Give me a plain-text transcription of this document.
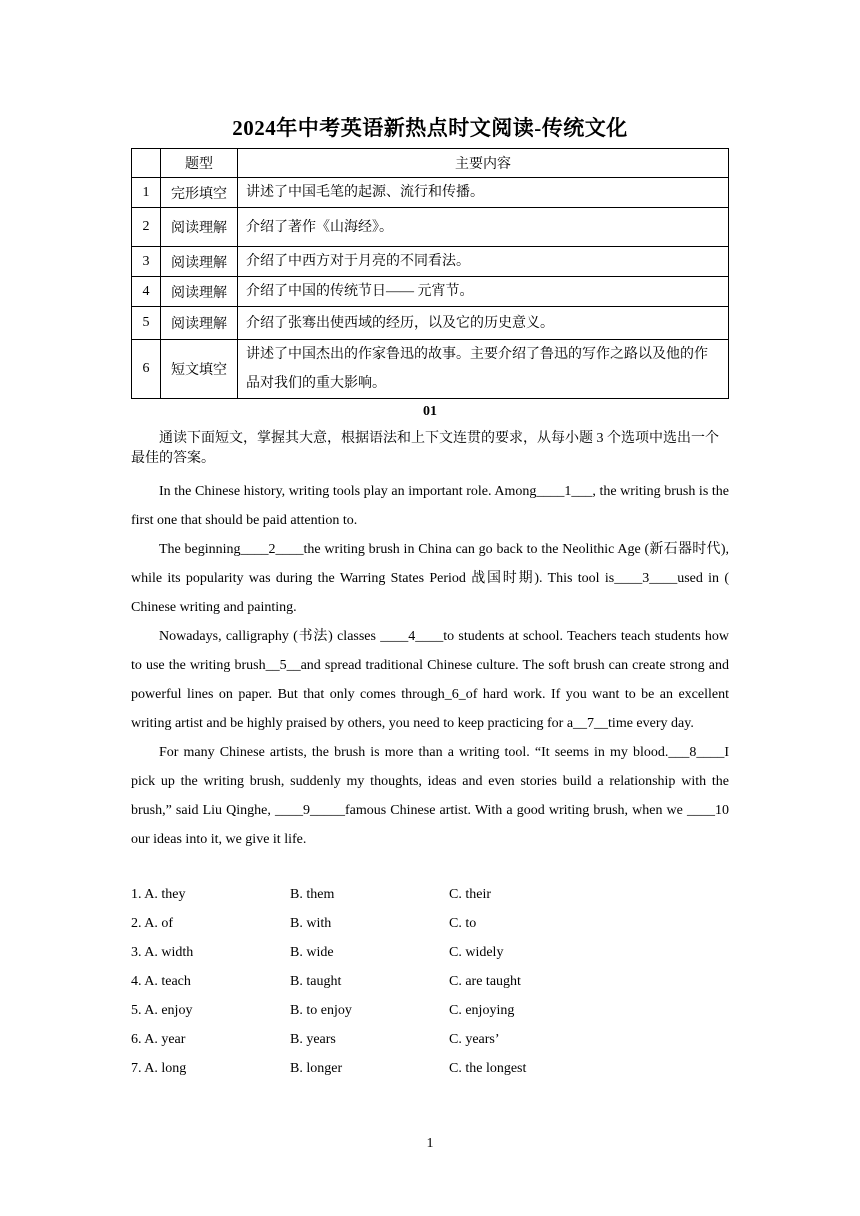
2024年中考英语新热点时文阅读-传统文化
	题型	主要内容
1	完形填空	讲述了中国毛笔的起源、流行和传播。
2	阅读理解	介绍了著作《山海经》。
3	阅读理解	介绍了中西方对于月亮的不同看法。
4	阅读理解	介绍了中国的传统节日—— 元宵节。
5	阅读理解	介绍了张骞出使西域的经历，以及它的历史意义。
6	短文填空	讲述了中国杰出的作家鲁迅的故事。主要介绍了鲁迅的写作之路以及他的作品对我们的重大影响。
01
通读下面短文，掌握其大意，根据语法和上下文连贯的要求，从每小题 3 个选项中选出一个最佳的答案。

In the Chinese history, writing tools play an important role. Among____1___, the writing brush is the first one that should be paid attention to.

The beginning____2____the writing brush in China can go back to the Neolithic Age (新石器时代), while its popularity was during the Warring States Period 战国时期). This tool is____3____used in ( Chinese writing and painting.

Nowadays, calligraphy (书法) classes ____4____to students at school. Teachers teach students how to use the writing brush__5__and spread traditional Chinese culture. The soft brush can create strong and powerful lines on paper. But that only comes through_6_of hard work. If you want to be an excellent writing artist and be highly praised by others, you need to keep practicing for a__7__time every day.

For many Chinese artists, the brush is more than a writing tool. “It seems in my blood.___8____I pick up the writing brush, suddenly my thoughts, ideas and even stories build a relationship with the brush,” said Liu Qinghe, ____9_____famous Chinese artist. With a good writing brush, when we ____10 our ideas into it, we give it life.

1. A. they	B. them	C. their
2. A. of	B. with	C. to
3. A. width	B. wide	C. widely
4. A. teach	B. taught	C. are taught
5. A. enjoy	B. to enjoy	C. enjoying
6. A. year	B. years	C. years’
7. A. long	B. longer	C. the longest
1
